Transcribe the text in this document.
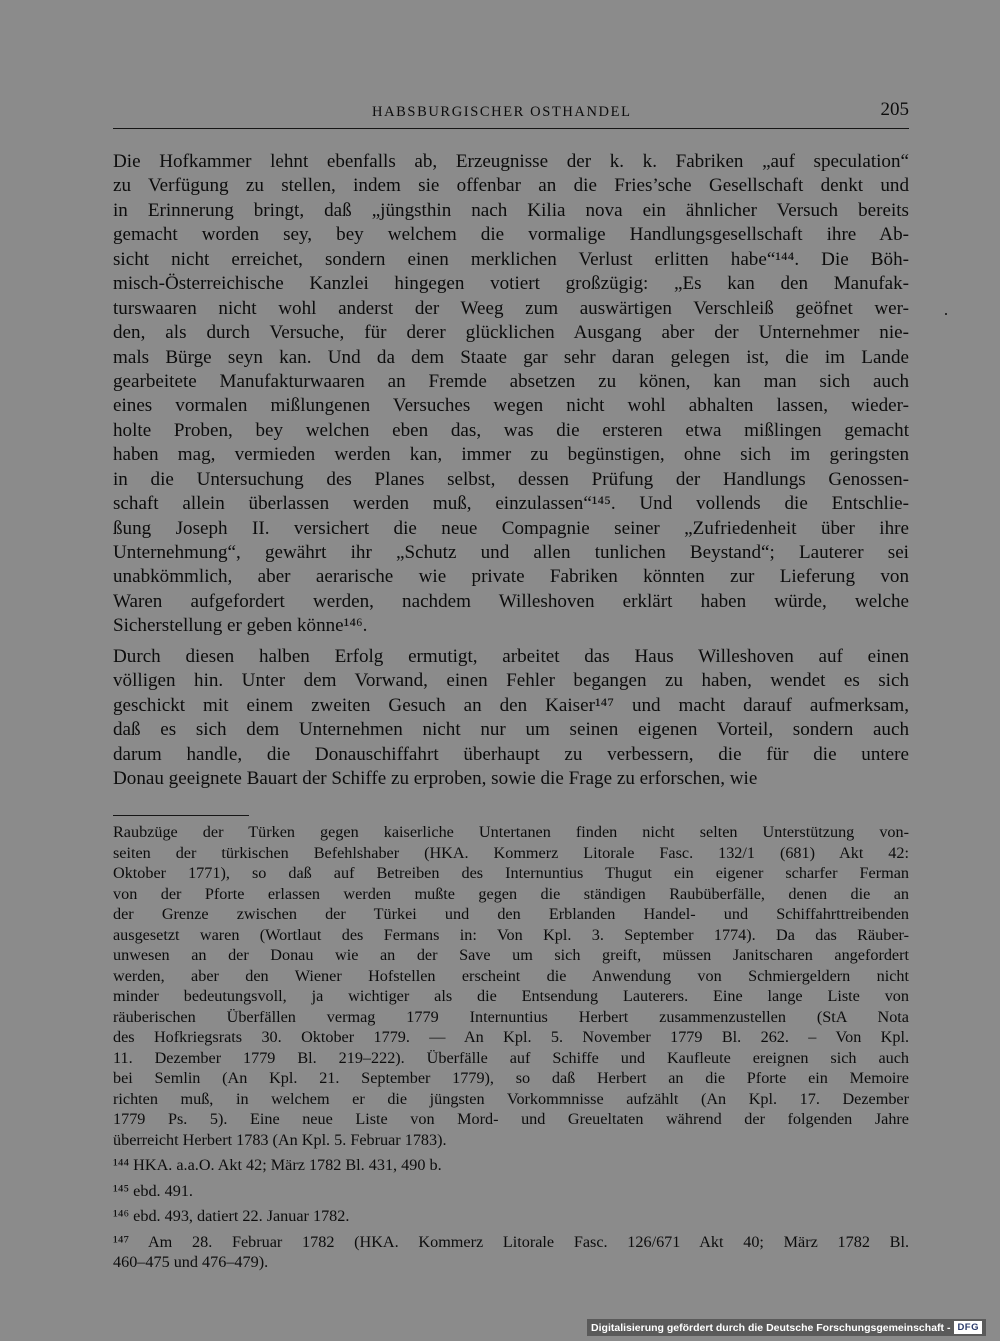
HABSBURGISCHER OSTHANDEL	205
Die Hofkammer lehnt ebenfalls ab, Erzeugnisse der k. k. Fabriken „auf speculation“
zu Verfügung zu stellen, indem sie offenbar an die Fries’sche Gesellschaft denkt und
in Erinnerung bringt, daß „jüngsthin nach Kilia nova ein ähnlicher Versuch bereits
gemacht worden sey, bey welchem die vormalige Handlungsgesellschaft ihre Ab-
sicht nicht erreichet, sondern einen merklichen Verlust erlitten habe“¹⁴⁴. Die Böh-
misch-Österreichische Kanzlei hingegen votiert großzügig: „Es kan den Manufak-
turswaaren nicht wohl anderst der Weeg zum auswärtigen Verschleiß geöfnet wer-
den, als durch Versuche, für derer glücklichen Ausgang aber der Unternehmer nie-
mals Bürge seyn kan. Und da dem Staate gar sehr daran gelegen ist, die im Lande
gearbeitete Manufakturwaaren an Fremde absetzen zu könen, kan man sich auch
eines vormalen mißlungenen Versuches wegen nicht wohl abhalten lassen, wieder-
holte Proben, bey welchen eben das, was die ersteren etwa mißlingen gemacht
haben mag, vermieden werden kan, immer zu begünstigen, ohne sich im geringsten
in die Untersuchung des Planes selbst, dessen Prüfung der Handlungs Genossen-
schaft allein überlassen werden muß, einzulassen“¹⁴⁵. Und vollends die Entschlie-
ßung Joseph II. versichert die neue Compagnie seiner „Zufriedenheit über ihre
Unternehmung“, gewährt ihr „Schutz und allen tunlichen Beystand“; Lauterer sei
unabkömmlich, aber aerarische wie private Fabriken könnten zur Lieferung von
Waren aufgefordert werden, nachdem Willeshoven erklärt haben würde, welche
Sicherstellung er geben könne¹⁴⁶.
Durch diesen halben Erfolg ermutigt, arbeitet das Haus Willeshoven auf einen
völligen hin. Unter dem Vorwand, einen Fehler begangen zu haben, wendet es sich
geschickt mit einem zweiten Gesuch an den Kaiser¹⁴⁷ und macht darauf aufmerksam,
daß es sich dem Unternehmen nicht nur um seinen eigenen Vorteil, sondern auch
darum handle, die Donauschiffahrt überhaupt zu verbessern, die für die untere
Donau geeignete Bauart der Schiffe zu erproben, sowie die Frage zu erforschen, wie
Raubzüge der Türken gegen kaiserliche Untertanen finden nicht selten Unterstützung von-
seiten der türkischen Befehlshaber (HKA. Kommerz Litorale Fasc. 132/1 (681) Akt 42:
Oktober 1771), so daß auf Betreiben des Internuntius Thugut ein eigener scharfer Ferman
von der Pforte erlassen werden mußte gegen die ständigen Raubüberfälle, denen die an
der Grenze zwischen der Türkei und den Erblanden Handel- und Schiffahrttreibenden
ausgesetzt waren (Wortlaut des Fermans in: Von Kpl. 3. September 1774). Da das Räuber-
unwesen an der Donau wie an der Save um sich greift, müssen Janitscharen angefordert
werden, aber den Wiener Hofstellen erscheint die Anwendung von Schmiergeldern nicht
minder bedeutungsvoll, ja wichtiger als die Entsendung Lauterers. Eine lange Liste von
räuberischen Überfällen vermag 1779 Internuntius Herbert zusammenzustellen (StA Nota
des Hofkriegsrats 30. Oktober 1779. — An Kpl. 5. November 1779 Bl. 262. – Von Kpl.
11. Dezember 1779 Bl. 219–222). Überfälle auf Schiffe und Kaufleute ereignen sich auch
bei Semlin (An Kpl. 21. September 1779), so daß Herbert an die Pforte ein Memoire
richten muß, in welchem er die jüngsten Vorkommnisse aufzählt (An Kpl. 17. Dezember
1779 Ps. 5). Eine neue Liste von Mord- und Greueltaten während der folgenden Jahre
überreicht Herbert 1783 (An Kpl. 5. Februar 1783).
¹⁴⁴ HKA. a.a.O. Akt 42; März 1782 Bl. 431, 490 b.
¹⁴⁵ ebd. 491.
¹⁴⁶ ebd. 493, datiert 22. Januar 1782.
¹⁴⁷ Am 28. Februar 1782 (HKA. Kommerz Litorale Fasc. 126/671 Akt 40; März 1782 Bl.
460–475 und 476–479).
Digitalisierung gefördert durch die Deutsche Forschungsgemeinschaft - DFG
